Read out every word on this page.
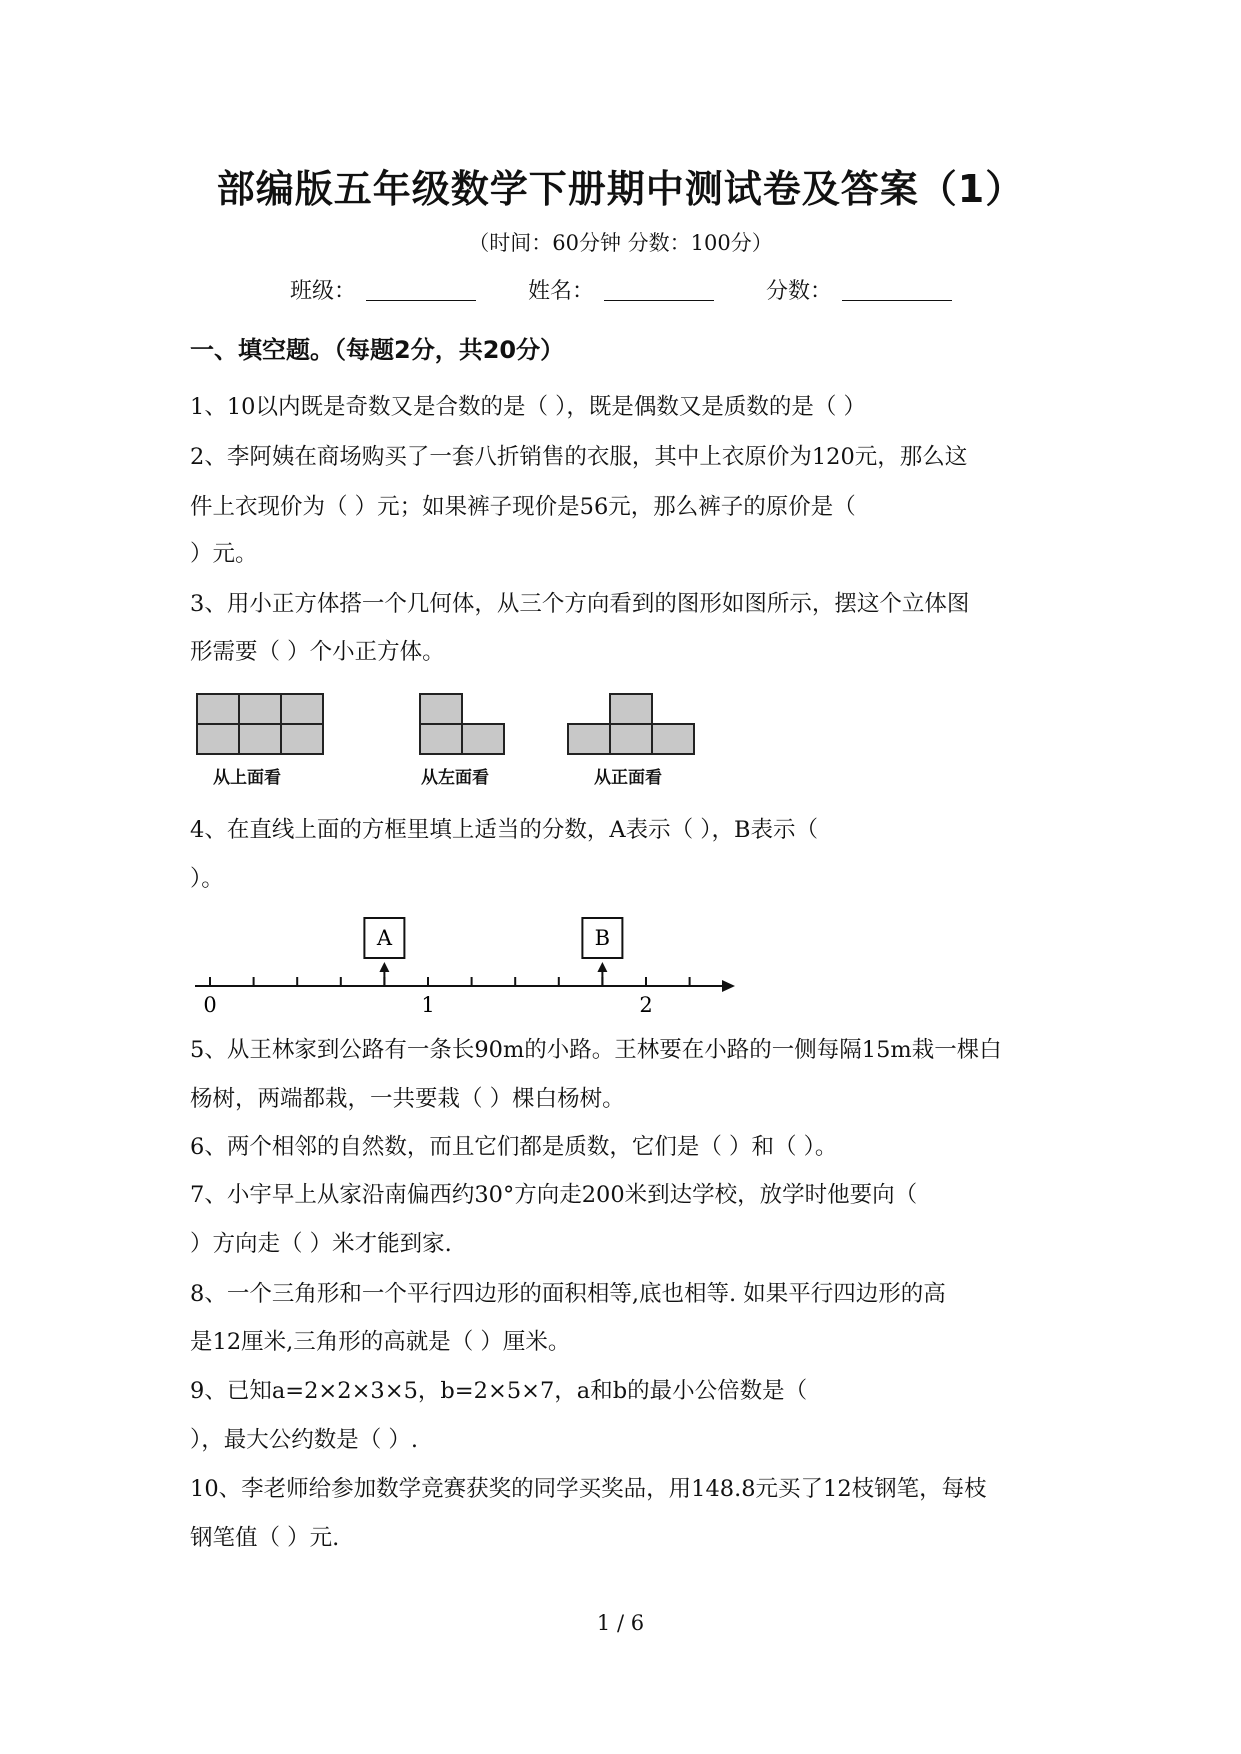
部编版五年级数学下册期中测试卷及答案（1）
（时间：60分钟 分数：100分）
班级：	姓名：	分数：
一、填空题。（每题2分，共20分）
1、10以内既是奇数又是合数的是（ ），既是偶数又是质数的是（ ）
2、李阿姨在商场购买了一套八折销售的衣服，其中上衣原价为120元，那么这
件上衣现价为（ ）元；如果裤子现价是56元，那么裤子的原价是（
）元。
3、用小正方体搭一个几何体，从三个方向看到的图形如图所示，摆这个立体图
形需要（ ）个小正方体。
从上面看	从左面看	从正面看
4、在直线上面的方框里填上适当的分数，A表示（ ），B表示（
）。
0	1	2
A	B
5、从王林家到公路有一条长90m的小路。王林要在小路的一侧每隔15m栽一棵白
杨树，两端都栽，一共要栽（ ）棵白杨树。
6、两个相邻的自然数，而且它们都是质数，它们是（ ）和（ ）。
7、小宇早上从家沿南偏西约30°方向走200米到达学校，放学时他要向（
）方向走（ ）米才能到家.
8、一个三角形和一个平行四边形的面积相等,底也相等. 如果平行四边形的高
是12厘米,三角形的高就是（ ）厘米。
9、已知a=2×2×3×5，b=2×5×7，a和b的最小公倍数是（
），最大公约数是（ ）.
10、李老师给参加数学竞赛获奖的同学买奖品，用148.8元买了12枝钢笔，每枝
钢笔值（ ）元.
1 / 6
